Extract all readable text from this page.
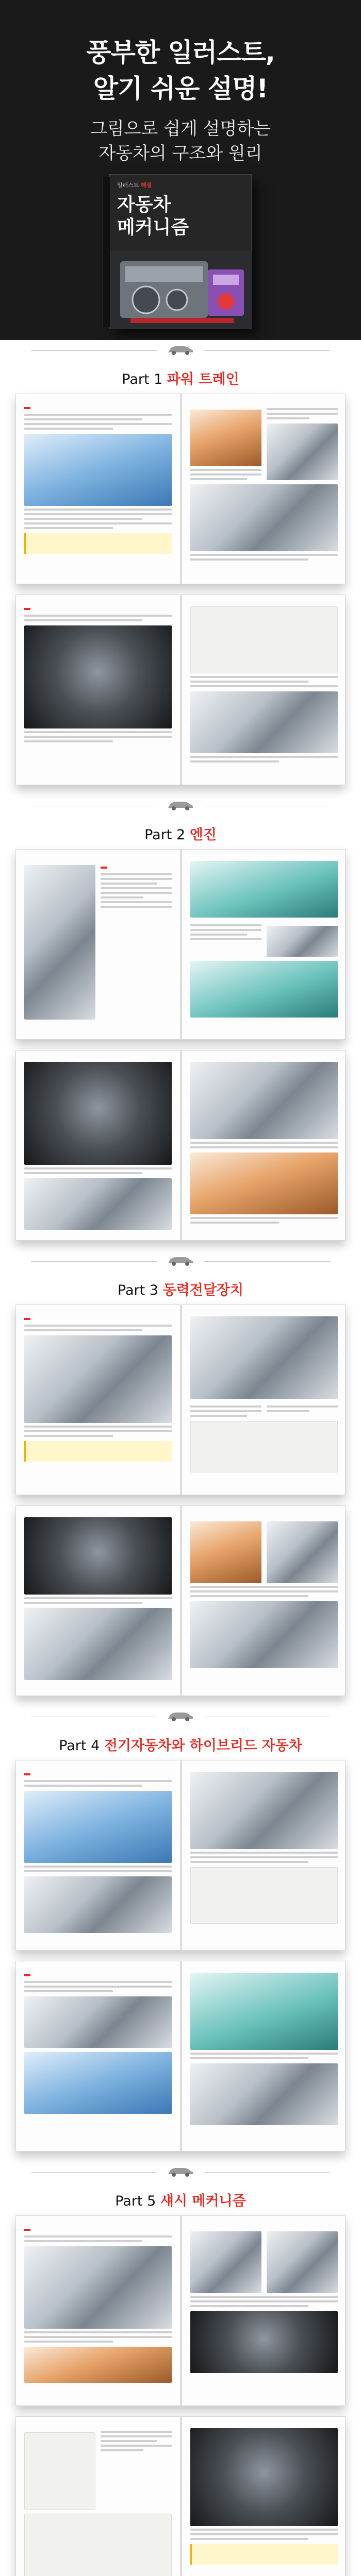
풍부한 일러스트,
알기 쉬운 설명!
그림으로 쉽게 설명하는
자동차의 구조와 원리
일러스트 해설
자동차
메커니즘
Part 1 파워 트레인
Part 2 엔진
Part 3 동력전달장치
Part 4 전기자동차와 하이브리드 자동차
Part 5 섀시 메커니즘
